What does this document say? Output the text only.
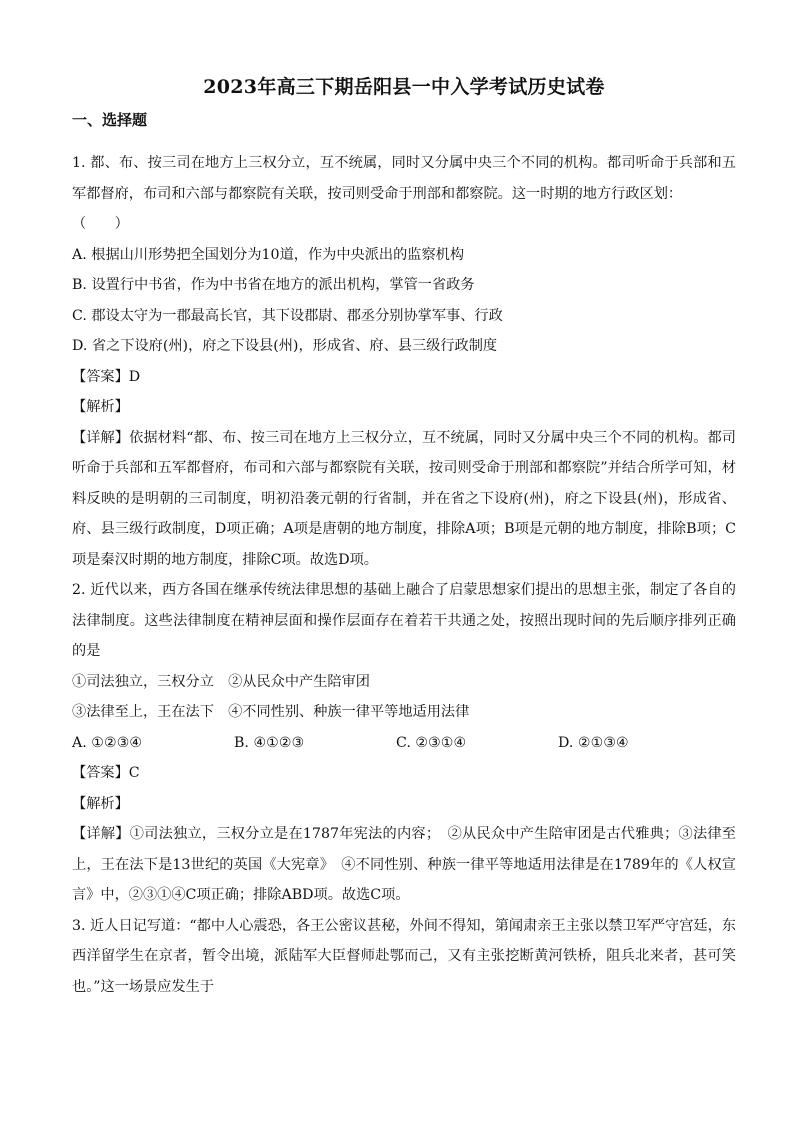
2023年高三下期岳阳县一中入学考试历史试卷
一、选择题

1. 都、布、按三司在地方上三权分立，互不统属，同时又分属中央三个不同的机构。都司听命于兵部和五军都督府，布司和六部与都察院有关联，按司则受命于刑部和都察院。这一时期的地方行政区划：

（　　）

A. 根据山川形势把全国划分为10道，作为中央派出的监察机构

B. 设置行中书省，作为中书省在地方的派出机构，掌管一省政务

C. 郡设太守为一郡最高长官，其下设郡尉、郡丞分别协掌军事、行政

D. 省之下设府(州)，府之下设县(州)，形成省、府、县三级行政制度

【答案】D

【解析】

【详解】依据材料“都、布、按三司在地方上三权分立，互不统属，同时又分属中央三个不同的机构。都司听命于兵部和五军都督府，布司和六部与都察院有关联，按司则受命于刑部和都察院”并结合所学可知，材料反映的是明朝的三司制度，明初沿袭元朝的行省制，并在省之下设府(州)，府之下设县(州)，形成省、府、县三级行政制度，D项正确；A项是唐朝的地方制度，排除A项；B项是元朝的地方制度，排除B项；C项是秦汉时期的地方制度，排除C项。故选D项。

2. 近代以来，西方各国在继承传统法律思想的基础上融合了启蒙思想家们提出的思想主张，制定了各自的法律制度。这些法律制度在精神层面和操作层面存在着若干共通之处，按照出现时间的先后顺序排列正确的是

①司法独立，三权分立　②从民众中产生陪审团

③法律至上，王在法下　④不同性别、种族一律平等地适用法律

A. ①②③④	B. ④①②③	C. ②③①④	D. ②①③④

【答案】C

【解析】

【详解】①司法独立，三权分立是在1787年宪法的内容；　②从民众中产生陪审团是古代雅典；③法律至上，王在法下是13世纪的英国《大宪章》　④不同性别、种族一律平等地适用法律是在1789年的《人权宣言》中，②③①④C项正确；排除ABD项。故选C项。

3. 近人日记写道：“都中人心震恐，各王公密议甚秘，外间不得知，第闻肃亲王主张以禁卫军严守宫廷，东西洋留学生在京者，暂令出境，派陆军大臣督师赴鄂而己，又有主张挖断黄河铁桥，阻兵北来者，甚可笑也。”这一场景应发生于
